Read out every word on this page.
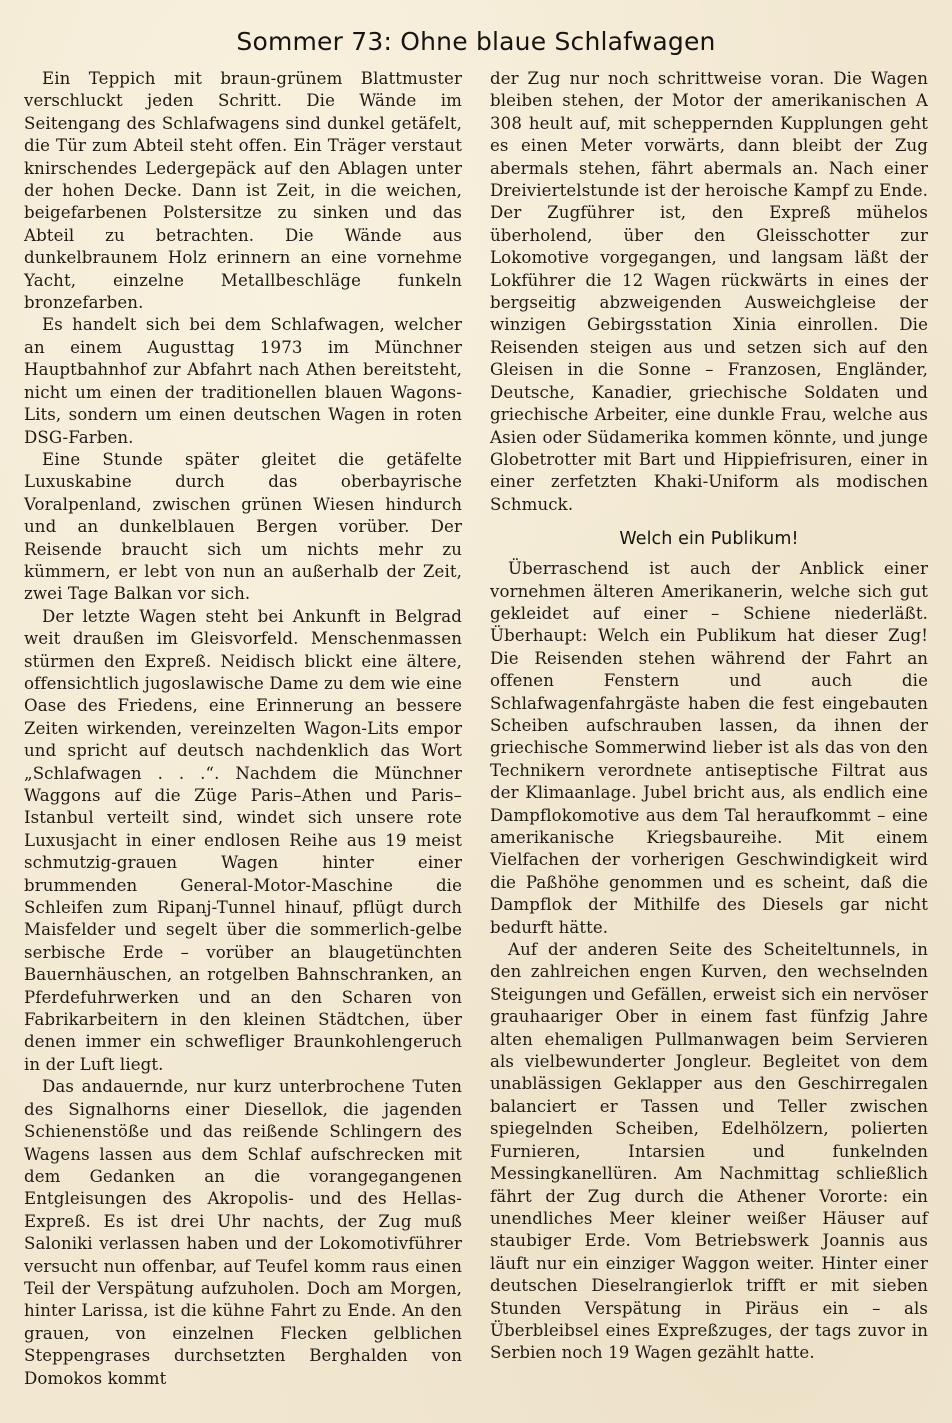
Sommer 73: Ohne blaue Schlafwagen

Ein Teppich mit braun-grünem Blattmuster verschluckt jeden Schritt. Die Wände im Seitengang des Schlafwagens sind dunkel getäfelt, die Tür zum Abteil steht offen. Ein Träger verstaut knirschendes Ledergepäck auf den Ablagen unter der hohen Decke. Dann ist Zeit, in die weichen, beigefarbenen Polstersitze zu sinken und das Abteil zu betrachten. Die Wände aus dunkelbraunem Holz erinnern an eine vornehme Yacht, einzelne Metallbeschläge funkeln bronzefarben.

Es handelt sich bei dem Schlafwagen, welcher an einem Augusttag 1973 im Münchner Hauptbahnhof zur Abfahrt nach Athen bereitsteht, nicht um einen der traditionellen blauen Wagons-Lits, sondern um einen deutschen Wagen in roten DSG-Farben.

Eine Stunde später gleitet die getäfelte Luxuskabine durch das oberbayrische Voralpenland, zwischen grünen Wiesen hindurch und an dunkelblauen Bergen vorüber. Der Reisende braucht sich um nichts mehr zu kümmern, er lebt von nun an außerhalb der Zeit, zwei Tage Balkan vor sich.

Der letzte Wagen steht bei Ankunft in Belgrad weit draußen im Gleisvorfeld. Menschenmassen stürmen den Expreß. Neidisch blickt eine ältere, offensichtlich jugoslawische Dame zu dem wie eine Oase des Friedens, eine Erinnerung an bessere Zeiten wirkenden, vereinzelten Wagon-Lits empor und spricht auf deutsch nachdenklich das Wort „Schlafwagen . . .“. Nachdem die Münchner Waggons auf die Züge Paris–Athen und Paris–Istanbul verteilt sind, windet sich unsere rote Luxusjacht in einer endlosen Reihe aus 19 meist schmutzig-grauen Wagen hinter einer brummenden General-Motor-Maschine die Schleifen zum Ripanj-Tunnel hinauf, pflügt durch Maisfelder und segelt über die sommerlich-gelbe serbische Erde – vorüber an blaugetünchten Bauernhäuschen, an rotgelben Bahnschranken, an Pferdefuhrwerken und an den Scharen von Fabrikarbeitern in den kleinen Städtchen, über denen immer ein schwefliger Braunkohlengeruch in der Luft liegt.

Das andauernde, nur kurz unterbrochene Tuten des Signalhorns einer Diesellok, die jagenden Schienenstöße und das reißende Schlingern des Wagens lassen aus dem Schlaf aufschrecken mit dem Gedanken an die vorangegangenen Entgleisungen des Akropolis- und des Hellas-Expreß. Es ist drei Uhr nachts, der Zug muß Saloniki verlassen haben und der Lokomotivführer versucht nun offenbar, auf Teufel komm raus einen Teil der Verspätung aufzuholen. Doch am Morgen, hinter Larissa, ist die kühne Fahrt zu Ende. An den grauen, von einzelnen Flecken gelblichen Steppengrases durchsetzten Berghalden von Domokos kommt

der Zug nur noch schrittweise voran. Die Wagen bleiben stehen, der Motor der amerikanischen A 308 heult auf, mit scheppernden Kupplungen geht es einen Meter vorwärts, dann bleibt der Zug abermals stehen, fährt abermals an. Nach einer Dreiviertelstunde ist der heroische Kampf zu Ende. Der Zugführer ist, den Expreß mühelos überholend, über den Gleisschotter zur Lokomotive vorgegangen, und langsam läßt der Lokführer die 12 Wagen rückwärts in eines der bergseitig abzweigenden Ausweichgleise der winzigen Gebirgsstation Xinia einrollen. Die Reisenden steigen aus und setzen sich auf den Gleisen in die Sonne – Franzosen, Engländer, Deutsche, Kanadier, griechische Soldaten und griechische Arbeiter, eine dunkle Frau, welche aus Asien oder Südamerika kommen könnte, und junge Globetrotter mit Bart und Hippiefrisuren, einer in einer zerfetzten Khaki-Uniform als modischen Schmuck.

Welch ein Publikum!

Überraschend ist auch der Anblick einer vornehmen älteren Amerikanerin, welche sich gut gekleidet auf einer – Schiene niederläßt. Überhaupt: Welch ein Publikum hat dieser Zug! Die Reisenden stehen während der Fahrt an offenen Fenstern und auch die Schlafwagenfahrgäste haben die fest eingebauten Scheiben aufschrauben lassen, da ihnen der griechische Sommerwind lieber ist als das von den Technikern verordnete antiseptische Filtrat aus der Klimaanlage. Jubel bricht aus, als endlich eine Dampflokomotive aus dem Tal heraufkommt – eine amerikanische Kriegsbaureihe. Mit einem Vielfachen der vorherigen Geschwindigkeit wird die Paßhöhe genommen und es scheint, daß die Dampflok der Mithilfe des Diesels gar nicht bedurft hätte.

Auf der anderen Seite des Scheiteltunnels, in den zahlreichen engen Kurven, den wechselnden Steigungen und Gefällen, erweist sich ein nervöser grauhaariger Ober in einem fast fünfzig Jahre alten ehemaligen Pullmanwagen beim Servieren als vielbewunderter Jongleur. Begleitet von dem unablässigen Geklapper aus den Geschirregalen balanciert er Tassen und Teller zwischen spiegelnden Scheiben, Edelhölzern, polierten Furnieren, Intarsien und funkelnden Messingkanellüren. Am Nachmittag schließlich fährt der Zug durch die Athener Vororte: ein unendliches Meer kleiner weißer Häuser auf staubiger Erde. Vom Betriebswerk Joannis aus läuft nur ein einziger Waggon weiter. Hinter einer deutschen Dieselrangierlok trifft er mit sieben Stunden Verspätung in Piräus ein – als Überbleibsel eines Expreßzuges, der tags zuvor in Serbien noch 19 Wagen gezählt hatte.
